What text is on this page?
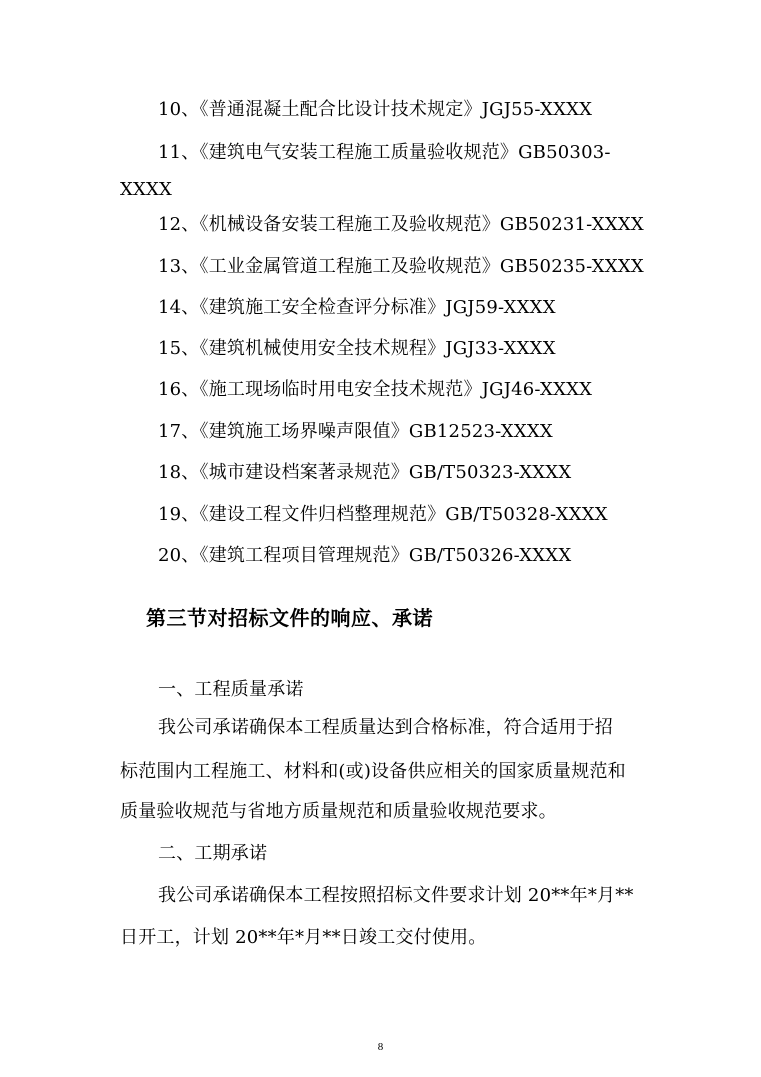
10、《普通混凝土配合比设计技术规定》JGJ55-XXXX
11、《建筑电气安装工程施工质量验收规范》GB50303-
XXXX
12、《机械设备安装工程施工及验收规范》GB50231-XXXX
13、《工业金属管道工程施工及验收规范》GB50235-XXXX
14、《建筑施工安全检查评分标准》JGJ59-XXXX
15、《建筑机械使用安全技术规程》JGJ33-XXXX
16、《施工现场临时用电安全技术规范》JGJ46-XXXX
17、《建筑施工场界噪声限值》GB12523-XXXX
18、《城市建设档案著录规范》GB/T50323-XXXX
19、《建设工程文件归档整理规范》GB/T50328-XXXX
20、《建筑工程项目管理规范》GB/T50326-XXXX
第三节对招标文件的响应、承诺
一、工程质量承诺
我公司承诺确保本工程质量达到合格标准，符合适用于招
标范围内工程施工、材料和(或)设备供应相关的国家质量规范和
质量验收规范与省地方质量规范和质量验收规范要求。
二、工期承诺
我公司承诺确保本工程按照招标文件要求计划 20**年*月**
日开工，计划 20**年*月**日竣工交付使用。
8
